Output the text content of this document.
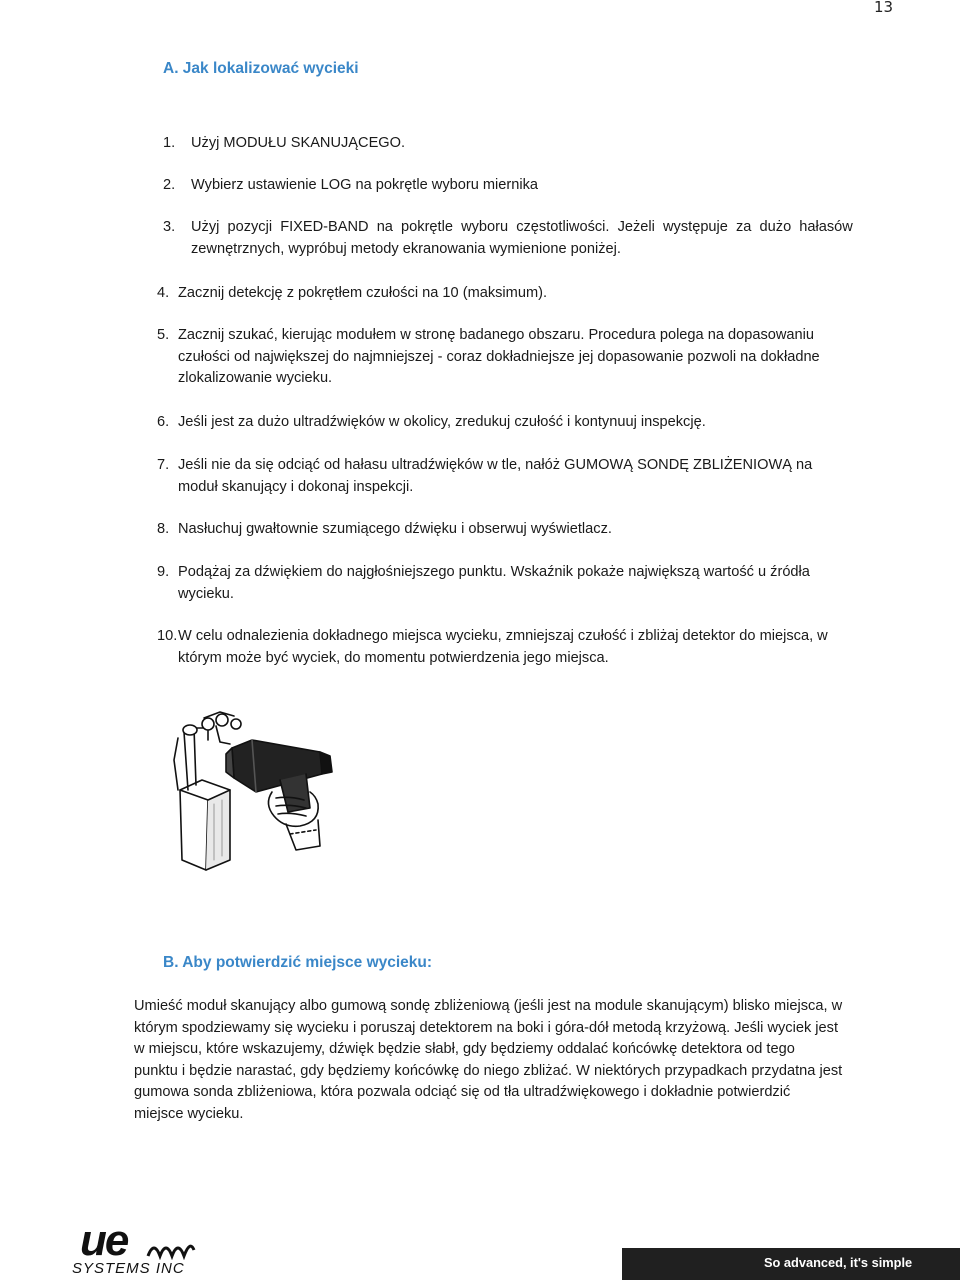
13
A. Jak lokalizować wycieki
1. Użyj MODUŁU SKANUJĄCEGO.
2. Wybierz ustawienie LOG na pokrętle wyboru miernika
3. Użyj  pozycji  FIXED-BAND  na  pokrętle  wyboru  częstotliwości.  Jeżeli  występuje  za  dużo  hałasów
zewnętrznych, wypróbuj metody ekranowania wymienione poniżej.
4. Zacznij detekcję z pokrętłem czułości na 10 (maksimum).
5. Zacznij szukać, kierując modułem w stronę badanego obszaru. Procedura polega na dopasowaniu
czułości od największej do najmniejszej - coraz dokładniejsze jej dopasowanie pozwoli na dokładne
zlokalizowanie wycieku.
6. Jeśli jest za dużo ultradźwięków w okolicy, zredukuj czułość i kontynuuj inspekcję.
7. Jeśli nie da się odciąć od hałasu ultradźwięków w tle, nałóż GUMOWĄ SONDĘ ZBLIŻENIOWĄ na
moduł skanujący i dokonaj inspekcji.
8. Nasłuchuj gwałtownie szumiącego dźwięku i obserwuj wyświetlacz.
9. Podążaj za dźwiękiem do najgłośniejszego punktu. Wskaźnik pokaże największą wartość u źródła
wycieku.
10. W celu odnalezienia dokładnego miejsca wycieku, zmniejszaj czułość i zbliżaj detektor do miejsca, w
którym może być wyciek, do momentu potwierdzenia jego miejsca.
B. Aby potwierdzić miejsce wycieku:
Umieść moduł skanujący albo gumową sondę zbliżeniową (jeśli jest na module skanującym) blisko miejsca, w
którym spodziewamy się wycieku i poruszaj detektorem na boki i góra-dół metodą krzyżową. Jeśli wyciek jest
w miejscu, które wskazujemy, dźwięk będzie słabł, gdy będziemy oddalać końcówkę detektora od tego
punktu i będzie narastać, gdy będziemy końcówkę do niego zbliżać. W niektórych przypadkach przydatna jest
gumowa sonda zbliżeniowa, która pozwala odciąć się od tła ultradźwiękowego i dokładnie potwierdzić
miejsce wycieku.
ue
SYSTEMS INC	So advanced, it's simple
